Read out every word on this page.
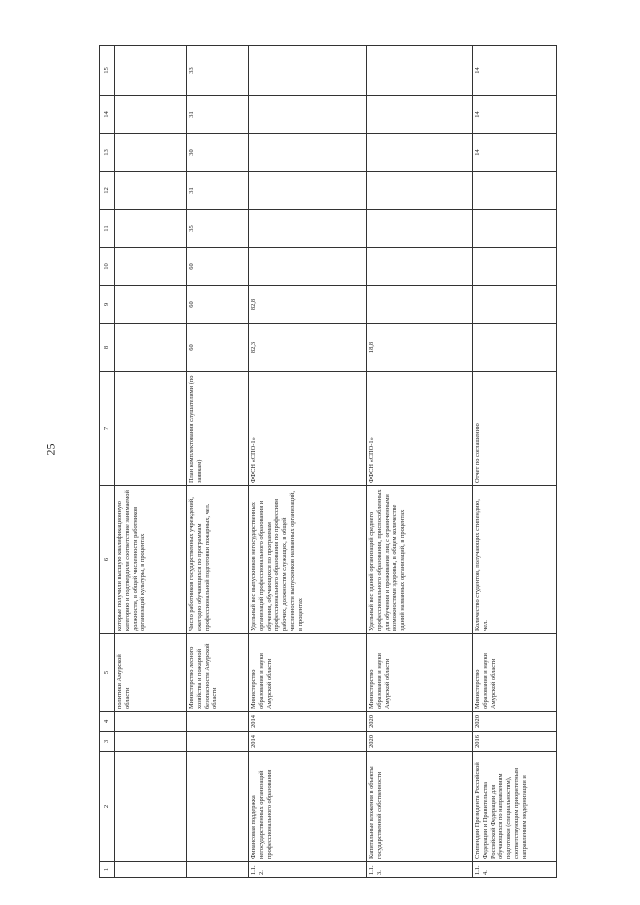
25
1	2	3	4	5	6	7	8	9	10	11	12	13	14	15
				политики Амурской области	которые получили высшую квалификационную категорию и подтвердили соответствие занимаемой должности, в общей численности работников организаций культуры, в процентах									
				Министерство лесного хозяйства и пожарной безопасности Амурской области	Число работников государственных учреждений, ежегодно обучающихся по программам профессиональной подготовки пожарных, чел.	План комплектования слушателями (по заявкам)	60	60	60	35	31	30	31	33
1.1.2.	Финансовая поддержка негосударственных организаций профессионального образования	2014	2014	Министерство образования и науки Амурской области	Удельный вес выпускников негосударственных организаций профессионального образования и обучения, обучающихся по программам профессионального образования по профессиям рабочих, должностям служащих, в общей численности выпускников названных организаций, в процентах	ФФСН «СПО-1»	82,3	82,8						
1.1.3.	Капитальные вложения в объекты государственной собственности	2020	2020	Министерство образования и науки Амурской области	Удельный вес зданий организаций среднего профессионального образования, приспособленных для обучения и проживания лиц с ограниченными возможностями здоровья, в общем количестве зданий названных организаций, в процентах	ФФСН «СПО-1»	18,8							
1.1.4.	Стипендии Президента Российской Федерации и Правительства Российской Федерации для обучающихся по направлениям подготовки (специальностям), соответствующим приоритетным направлениям модернизации и	2016	2020	Министерство образования и науки Амурской области	Количество студентов, получающих стипендию, чел.	Отчет по соглашению						14	14	14
